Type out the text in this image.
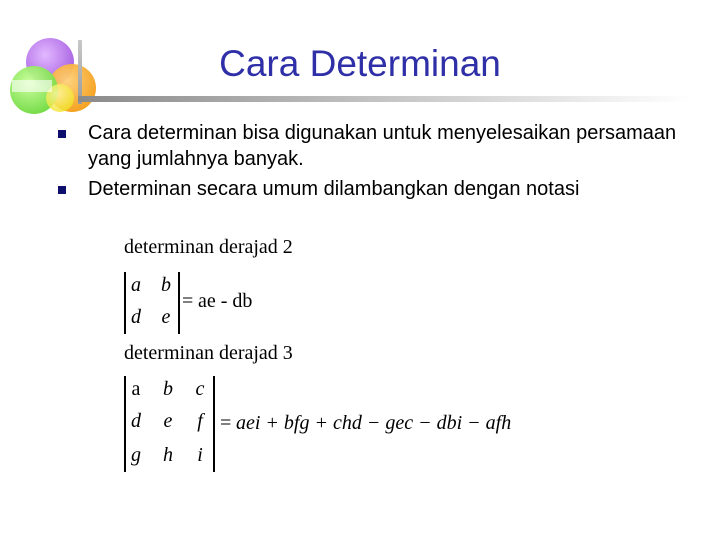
Cara Determinan
Cara determinan bisa digunakan untuk menyelesaikan persamaan yang jumlahnya banyak.
Determinan secara umum dilambangkan dengan notasi
determinan derajad 2
a	b
d	e
= ae - db
determinan derajad 3
a	b	c
d	e	f
g	h	i
= aei + bfg + chd − gec − dbi − afh
